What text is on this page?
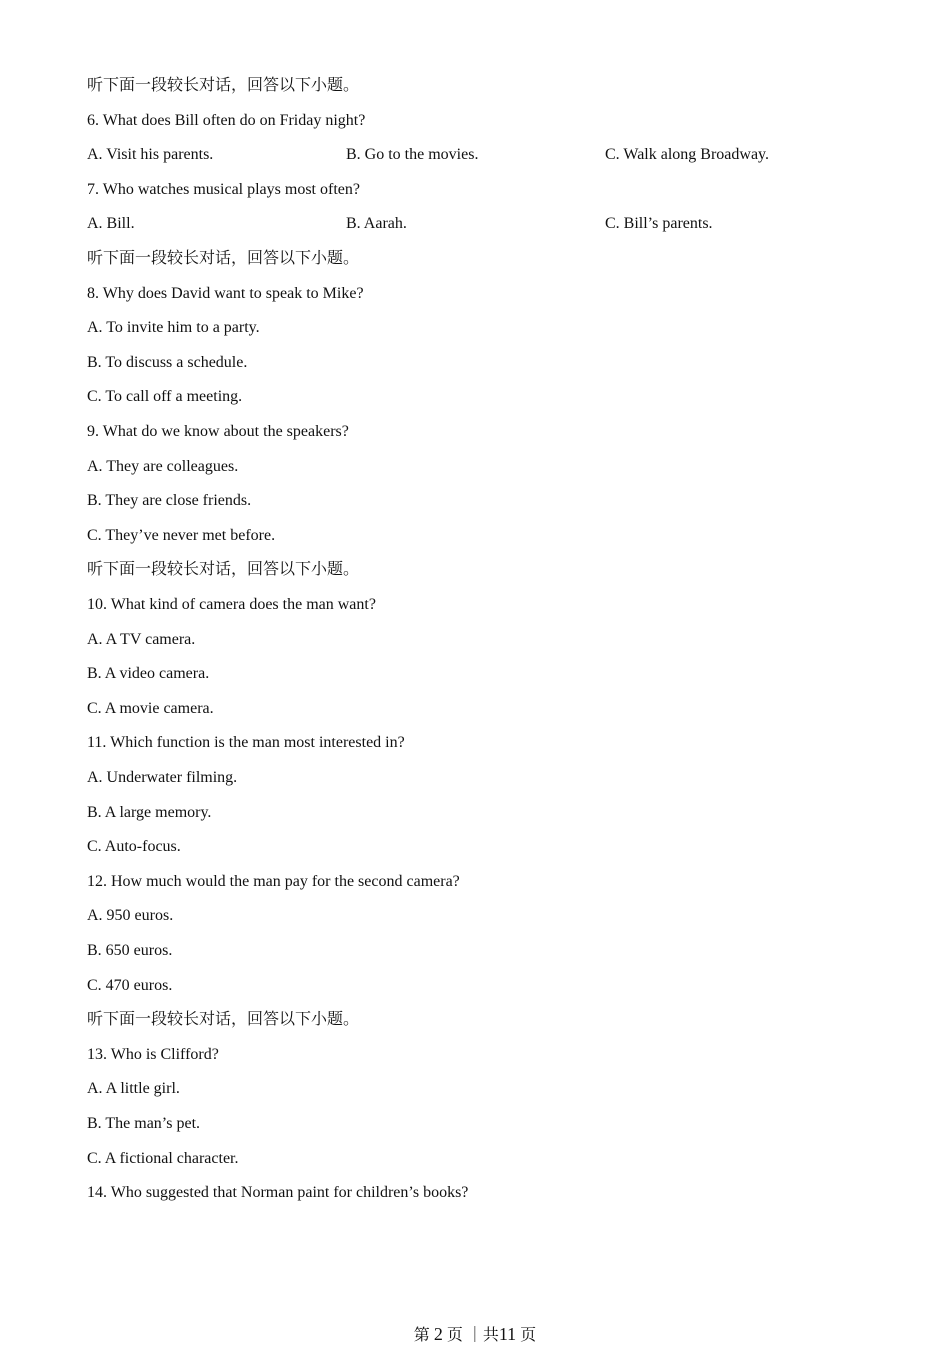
听下面一段较长对话，回答以下小题。
6. What does Bill often do on Friday night?
A. Visit his parents.	B. Go to the movies.	C. Walk along Broadway.
7. Who watches musical plays most often?
A. Bill.	B. Aarah.	C. Bill’s parents.
听下面一段较长对话，回答以下小题。
8. Why does David want to speak to Mike?
A. To invite him to a party.
B. To discuss a schedule.
C. To call off a meeting.
9. What do we know about the speakers?
A. They are colleagues.
B. They are close friends.
C. They’ve never met before.
听下面一段较长对话，回答以下小题。
10. What kind of camera does the man want?
A. A TV camera.
B. A video camera.
C. A movie camera.
11. Which function is the man most interested in?
A. Underwater filming.
B. A large memory.
C. Auto-focus.
12. How much would the man pay for the second camera?
A. 950 euros.
B. 650 euros.
C. 470 euros.
听下面一段较长对话，回答以下小题。
13. Who is Clifford?
A. A little girl.
B. The man’s pet.
C. A fictional character.
14. Who suggested that Norman paint for children’s books?
第 2 页 ｜共11 页
